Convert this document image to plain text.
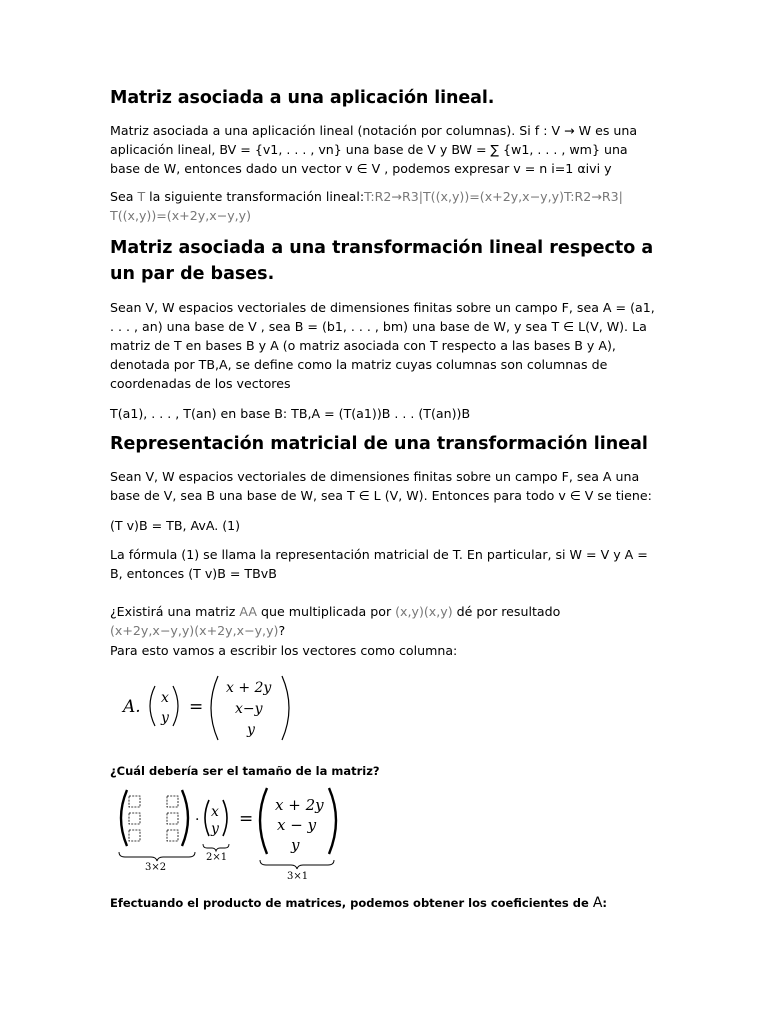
Matriz asociada a una aplicación lineal.
Matriz asociada a una aplicación lineal (notación por columnas). Si f : V → W es una aplicación lineal, BV = {v1, . . . , vn} una base de V y BW = ∑ {w1, . . . , wm} una base de W, entonces dado un vector v ∈ V , podemos expresar v = n i=1 αivi y
Sea T la siguiente transformación lineal:T:R2→R3|T((x,y))=(x+2y,x−y,y)T:R2→R3|
T((x,y))=(x+2y,x−y,y)
Matriz asociada a una transformación lineal respecto a un par de bases.
Sean V, W espacios vectoriales de dimensiones finitas sobre un campo F, sea A = (a1, . . . , an) una base de V , sea B = (b1, . . . , bm) una base de W, y sea T ∈ L(V, W). La matriz de T en bases B y A (o matriz asociada con T respecto a las bases B y A), denotada por TB,A, se define como la matriz cuyas columnas son columnas de coordenadas de los vectores
T(a1), . . . , T(an) en base B: TB,A = (T(a1))B . . . (T(an))B
Representación matricial de una transformación lineal
Sean V, W espacios vectoriales de dimensiones finitas sobre un campo F, sea A una base de V, sea B una base de W, sea T ∈ L (V, W). Entonces para todo v ∈ V se tiene:
(T v)B = TB, AvA. (1)
La fórmula (1) se llama la representación matricial de T. En particular, si W = V y A = B, entonces (T v)B = TBvB
¿Existirá una matriz AA que multiplicada por (x,y)(x,y) dé por resultado
(x+2y,x−y,y)(x+2y,x−y,y)?
Para esto vamos a escribir los vectores como columna:
A. x
y
=
x + 2y
x−y
y
¿Cuál debería ser el tamaño de la matriz?
· x
y =
x + 2y
x − y
y
3×2
2×1
3×1
Efectuando el producto de matrices, podemos obtener los coeficientes de A:
